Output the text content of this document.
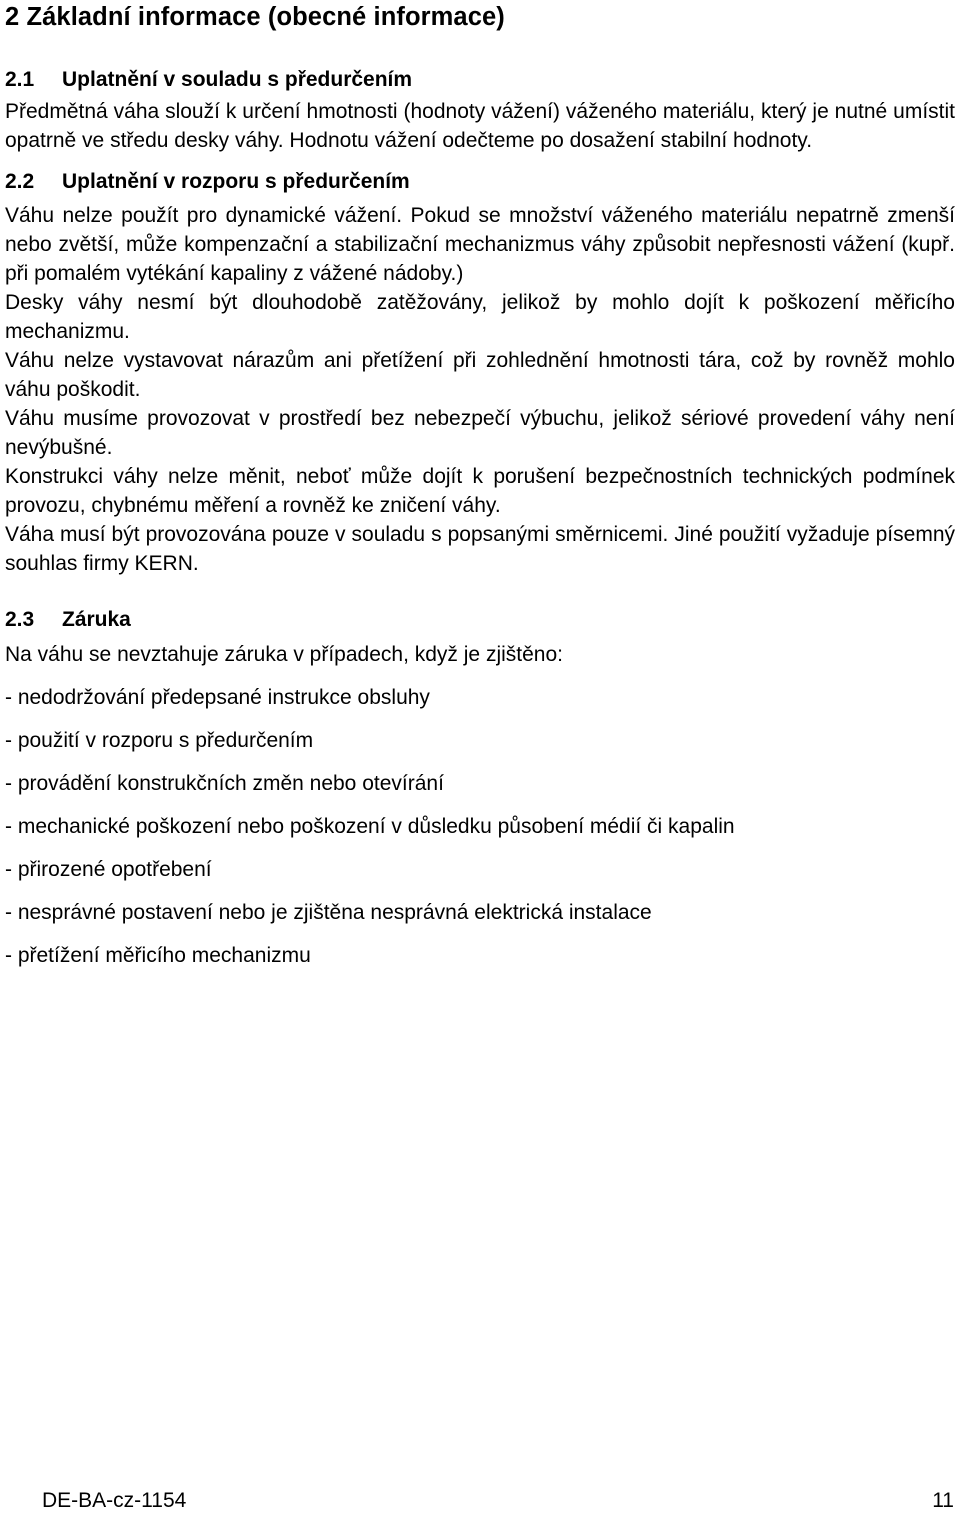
2 Základní informace (obecné informace)
2.1 Uplatnění v souladu s předurčením

Předmětná váha slouží k určení hmotnosti (hodnoty vážení) váženého materiálu, který je nutné umístit opatrně ve středu desky váhy. Hodnotu vážení odečteme po dosažení stabilní hodnoty.

2.2 Uplatnění v rozporu s předurčením

Váhu nelze použít pro dynamické vážení. Pokud se množství váženého materiálu nepatrně zmenší nebo zvětší, může kompenzační a stabilizační mechanizmus váhy způsobit nepřesnosti vážení (kupř. při pomalém vytékání kapaliny z vážené nádoby.)

Desky váhy nesmí být dlouhodobě zatěžovány, jelikož by mohlo dojít k poškození měřicího mechanizmu.

Váhu nelze vystavovat nárazům ani přetížení při zohlednění hmotnosti tára, což by rovněž mohlo váhu poškodit.

Váhu musíme provozovat v prostředí bez nebezpečí výbuchu, jelikož sériové provedení váhy není nevýbušné.

Konstrukci váhy nelze měnit, neboť může dojít k porušení bezpečnostních technických podmínek provozu, chybnému měření a rovněž ke zničení váhy.

Váha musí být provozována pouze v souladu s popsanými směrnicemi. Jiné použití vyžaduje písemný souhlas firmy KERN.

2.3 Záruka

Na váhu se nevztahuje záruka v případech, když je zjištěno:

- nedodržování předepsané instrukce obsluhy
- použití v rozporu s předurčením
- provádění konstrukčních změn nebo otevírání
- mechanické poškození nebo poškození v důsledku působení médií či kapalin
- přirozené opotřebení
- nesprávné postavení nebo je zjištěna nesprávná elektrická instalace
- přetížení měřicího mechanizmu
DE-BA-cz-1154	11
